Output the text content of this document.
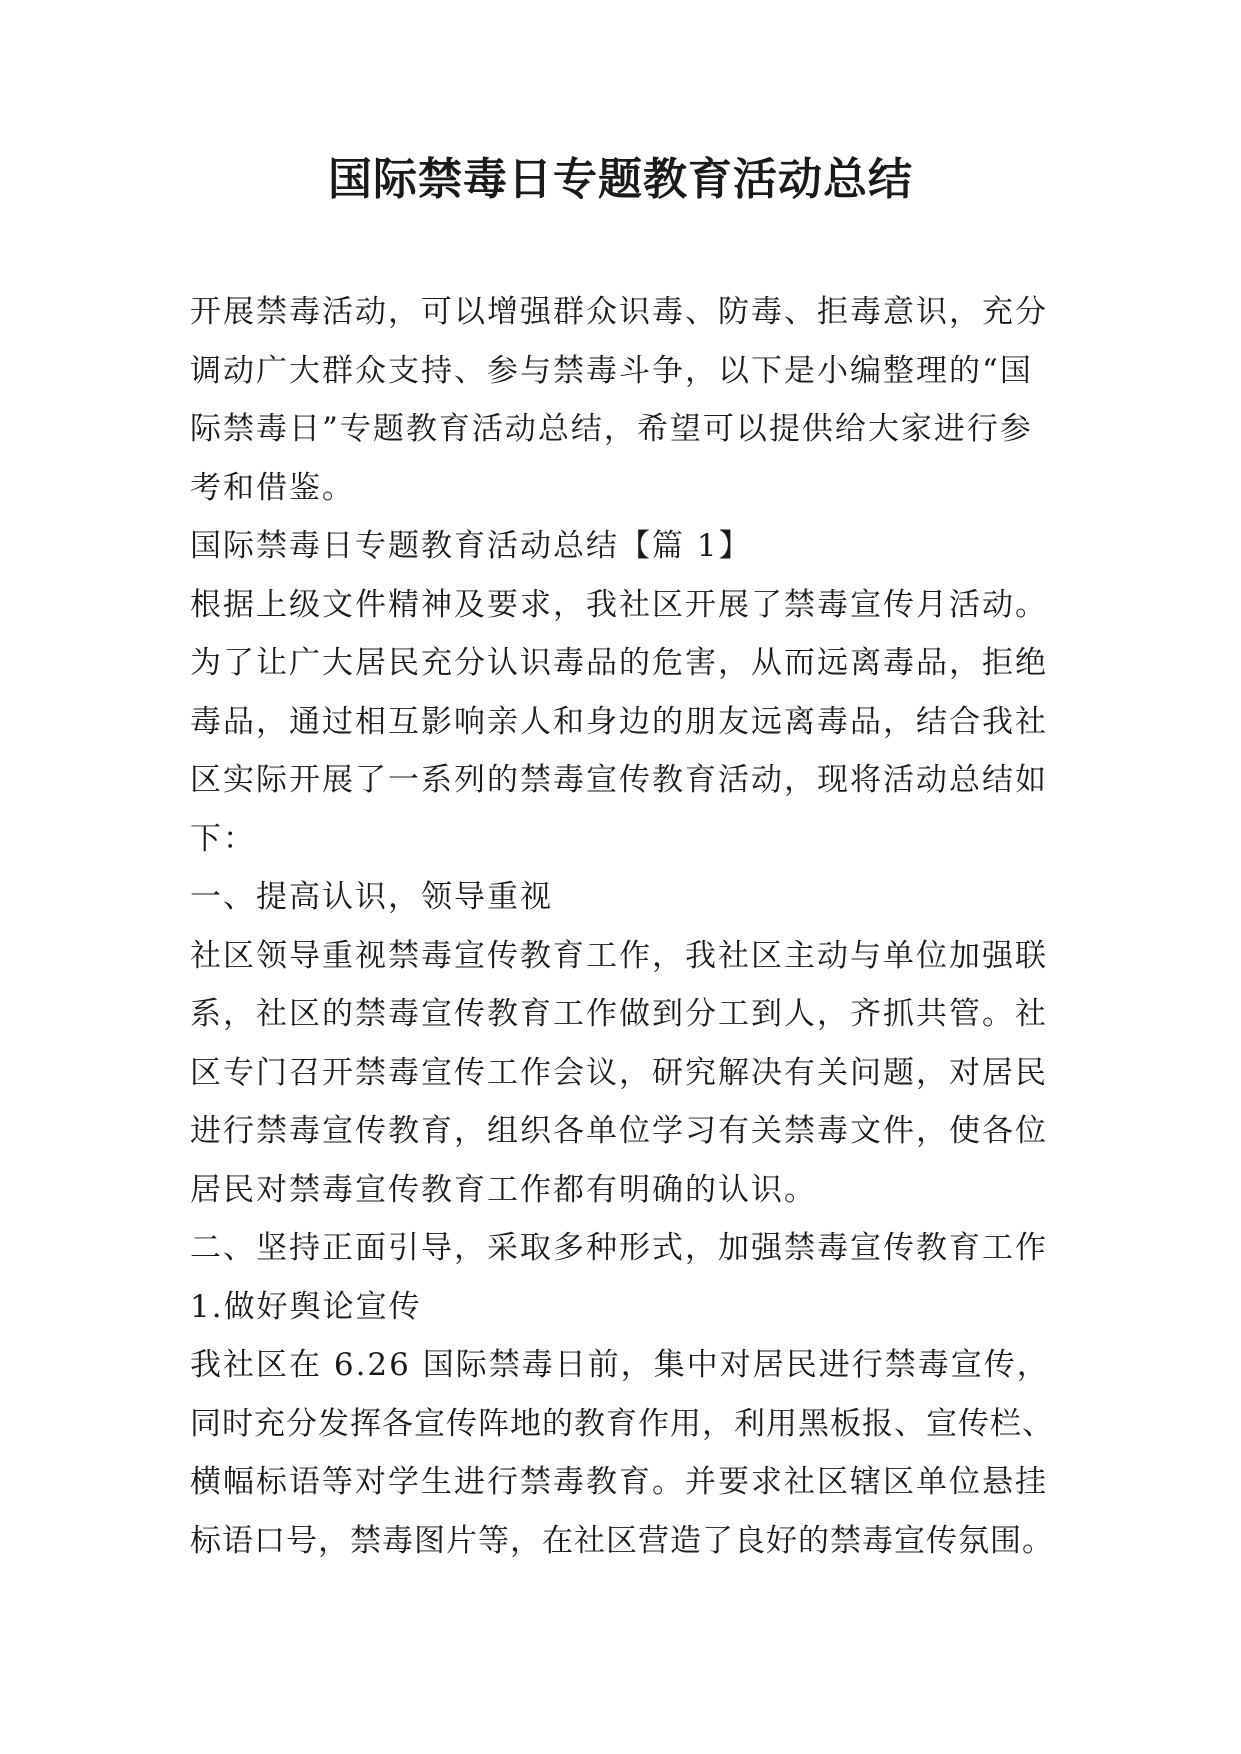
国际禁毒日专题教育活动总结
开展禁毒活动，可以增强群众识毒、防毒、拒毒意识，充分
调动广大群众支持、参与禁毒斗争，以下是小编整理的“国
际禁毒日”专题教育活动总结，希望可以提供给大家进行参
考和借鉴。
国际禁毒日专题教育活动总结【篇 1】
根据上级文件精神及要求，我社区开展了禁毒宣传月活动。
为了让广大居民充分认识毒品的危害，从而远离毒品，拒绝
毒品，通过相互影响亲人和身边的朋友远离毒品，结合我社
区实际开展了一系列的禁毒宣传教育活动，现将活动总结如
下：
一、提高认识，领导重视
社区领导重视禁毒宣传教育工作，我社区主动与单位加强联
系，社区的禁毒宣传教育工作做到分工到人，齐抓共管。社
区专门召开禁毒宣传工作会议，研究解决有关问题，对居民
进行禁毒宣传教育，组织各单位学习有关禁毒文件，使各位
居民对禁毒宣传教育工作都有明确的认识。
二、坚持正面引导，采取多种形式，加强禁毒宣传教育工作
1.做好舆论宣传
我社区在 6.26 国际禁毒日前，集中对居民进行禁毒宣传，
同时充分发挥各宣传阵地的教育作用，利用黑板报、宣传栏、
横幅标语等对学生进行禁毒教育。并要求社区辖区单位悬挂
标语口号，禁毒图片等，在社区营造了良好的禁毒宣传氛围。
